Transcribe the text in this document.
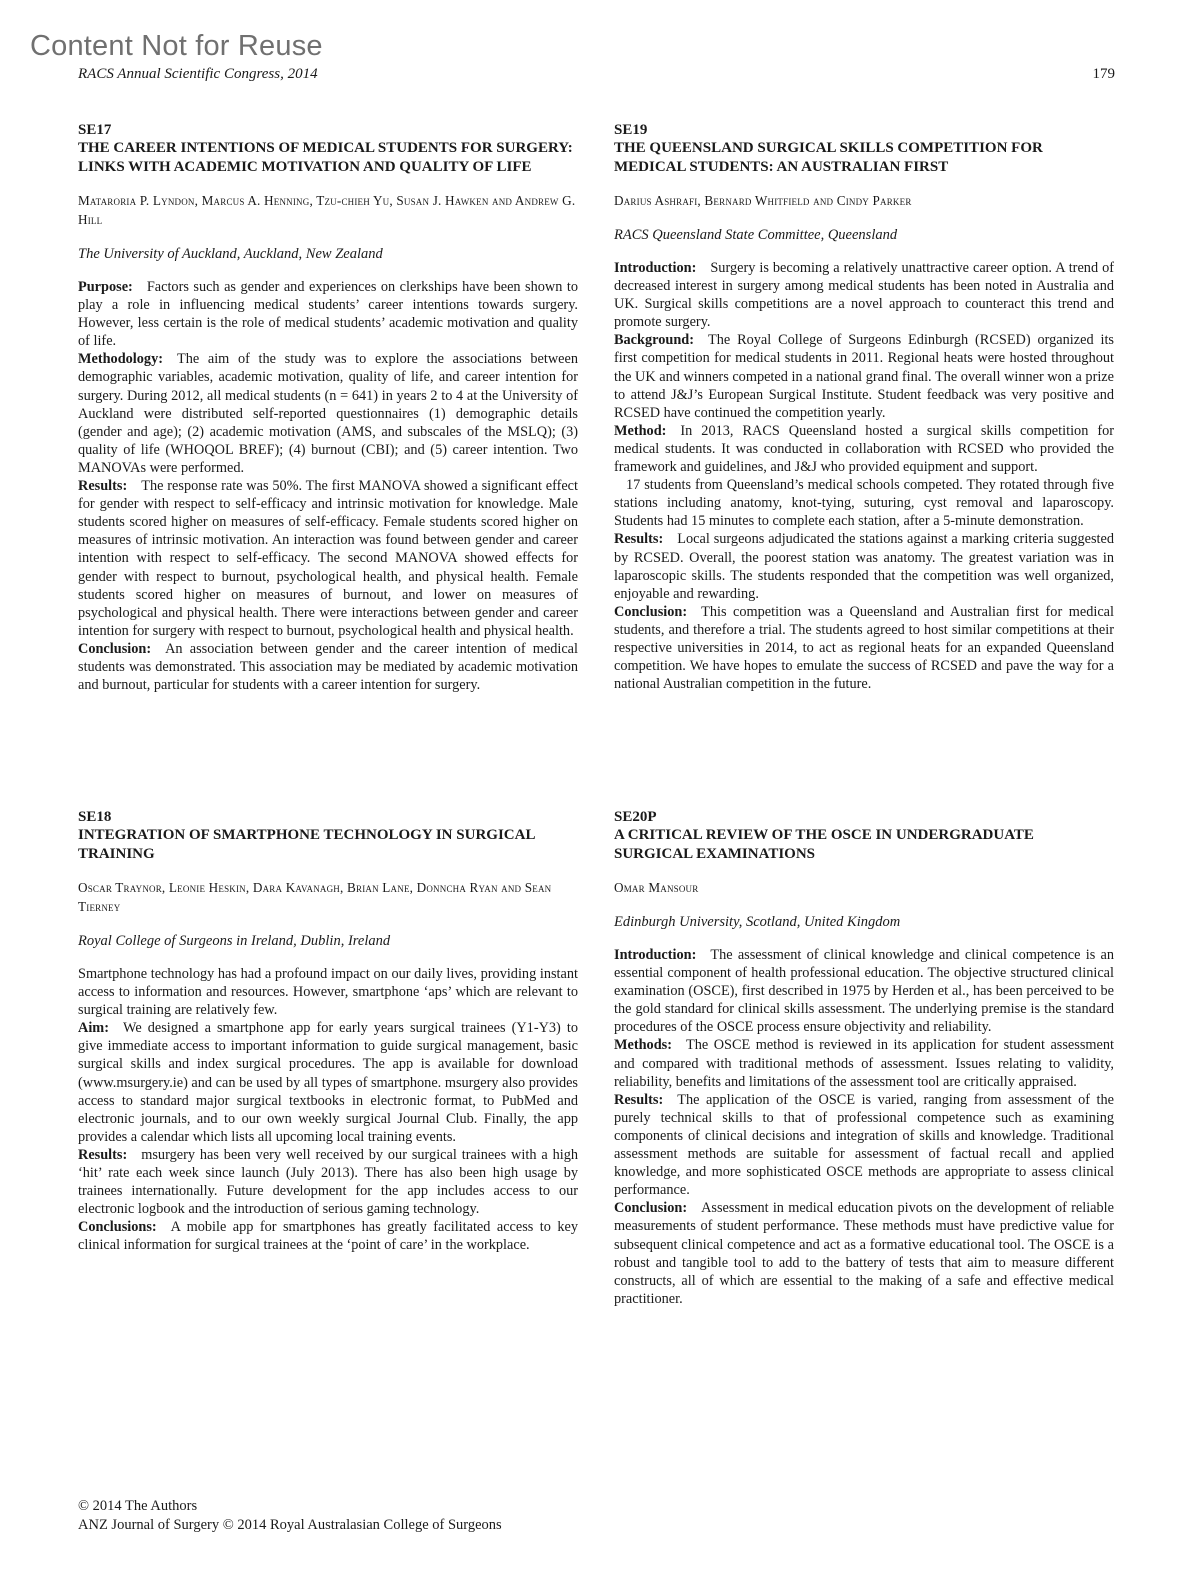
Content Not for Reuse
RACS Annual Scientific Congress, 2014	179
SE17
THE CAREER INTENTIONS OF MEDICAL STUDENTS FOR SURGERY: LINKS WITH ACADEMIC MOTIVATION AND QUALITY OF LIFE
Mataroria P. Lyndon, Marcus A. Henning, Tzu-chieh Yu, Susan J. Hawken and Andrew G. Hill
The University of Auckland, Auckland, New Zealand

Purpose: Factors such as gender and experiences on clerkships have been shown to play a role in influencing medical students’ career intentions towards surgery. However, less certain is the role of medical students’ academic motivation and quality of life.

Methodology: The aim of the study was to explore the associations between demographic variables, academic motivation, quality of life, and career intention for surgery. During 2012, all medical students (n = 641) in years 2 to 4 at the University of Auckland were distributed self-reported questionnaires (1) demographic details (gender and age); (2) academic motivation (AMS, and subscales of the MSLQ); (3) quality of life (WHOQOL BREF); (4) burnout (CBI); and (5) career intention. Two MANOVAs were performed.

Results: The response rate was 50%. The first MANOVA showed a significant effect for gender with respect to self-efficacy and intrinsic motivation for knowledge. Male students scored higher on measures of self-efficacy. Female students scored higher on measures of intrinsic motivation. An interaction was found between gender and career intention with respect to self-efficacy. The second MANOVA showed effects for gender with respect to burnout, psychological health, and physical health. Female students scored higher on measures of burnout, and lower on measures of psychological and physical health. There were interactions between gender and career intention for surgery with respect to burnout, psychological health and physical health.

Conclusion: An association between gender and the career intention of medical students was demonstrated. This association may be mediated by academic motivation and burnout, particular for students with a career intention for surgery.

SE18
INTEGRATION OF SMARTPHONE TECHNOLOGY IN SURGICAL TRAINING
Oscar Traynor, Leonie Heskin, Dara Kavanagh, Brian Lane, Donncha Ryan and Sean Tierney
Royal College of Surgeons in Ireland, Dublin, Ireland

Smartphone technology has had a profound impact on our daily lives, providing instant access to information and resources. However, smartphone ‘aps’ which are relevant to surgical training are relatively few.

Aim: We designed a smartphone app for early years surgical trainees (Y1-Y3) to give immediate access to important information to guide surgical management, basic surgical skills and index surgical procedures. The app is available for download (www.msurgery.ie) and can be used by all types of smartphone. msurgery also provides access to standard major surgical textbooks in electronic format, to PubMed and electronic journals, and to our own weekly surgical Journal Club. Finally, the app provides a calendar which lists all upcoming local training events.

Results: msurgery has been very well received by our surgical trainees with a high ‘hit’ rate each week since launch (July 2013). There has also been high usage by trainees internationally. Future development for the app includes access to our electronic logbook and the introduction of serious gaming technology.

Conclusions: A mobile app for smartphones has greatly facilitated access to key clinical information for surgical trainees at the ‘point of care’ in the workplace.

SE19
THE QUEENSLAND SURGICAL SKILLS COMPETITION FOR MEDICAL STUDENTS: AN AUSTRALIAN FIRST
Darius Ashrafi, Bernard Whitfield and Cindy Parker
RACS Queensland State Committee, Queensland

Introduction: Surgery is becoming a relatively unattractive career option. A trend of decreased interest in surgery among medical students has been noted in Australia and UK. Surgical skills competitions are a novel approach to counteract this trend and promote surgery.

Background: The Royal College of Surgeons Edinburgh (RCSED) organized its first competition for medical students in 2011. Regional heats were hosted throughout the UK and winners competed in a national grand final. The overall winner won a prize to attend J&J’s European Surgical Institute. Student feedback was very positive and RCSED have continued the competition yearly.

Method: In 2013, RACS Queensland hosted a surgical skills competition for medical students. It was conducted in collaboration with RCSED who provided the framework and guidelines, and J&J who provided equipment and support.

17 students from Queensland’s medical schools competed. They rotated through five stations including anatomy, knot-tying, suturing, cyst removal and laparoscopy. Students had 15 minutes to complete each station, after a 5-minute demonstration.

Results: Local surgeons adjudicated the stations against a marking criteria suggested by RCSED. Overall, the poorest station was anatomy. The greatest variation was in laparoscopic skills. The students responded that the competition was well organized, enjoyable and rewarding.

Conclusion: This competition was a Queensland and Australian first for medical students, and therefore a trial. The students agreed to host similar competitions at their respective universities in 2014, to act as regional heats for an expanded Queensland competition. We have hopes to emulate the success of RCSED and pave the way for a national Australian competition in the future.

SE20P
A CRITICAL REVIEW OF THE OSCE IN UNDERGRADUATE SURGICAL EXAMINATIONS
Omar Mansour
Edinburgh University, Scotland, United Kingdom

Introduction: The assessment of clinical knowledge and clinical competence is an essential component of health professional education. The objective structured clinical examination (OSCE), first described in 1975 by Herden et al., has been perceived to be the gold standard for clinical skills assessment. The underlying premise is the standard procedures of the OSCE process ensure objectivity and reliability.

Methods: The OSCE method is reviewed in its application for student assessment and compared with traditional methods of assessment. Issues relating to validity, reliability, benefits and limitations of the assessment tool are critically appraised.

Results: The application of the OSCE is varied, ranging from assessment of the purely technical skills to that of professional competence such as examining components of clinical decisions and integration of skills and knowledge. Traditional assessment methods are suitable for assessment of factual recall and applied knowledge, and more sophisticated OSCE methods are appropriate to assess clinical performance.

Conclusion: Assessment in medical education pivots on the development of reliable measurements of student performance. These methods must have predictive value for subsequent clinical competence and act as a formative educational tool. The OSCE is a robust and tangible tool to add to the battery of tests that aim to measure different constructs, all of which are essential to the making of a safe and effective medical practitioner.

© 2014 The Authors
ANZ Journal of Surgery © 2014 Royal Australasian College of Surgeons
